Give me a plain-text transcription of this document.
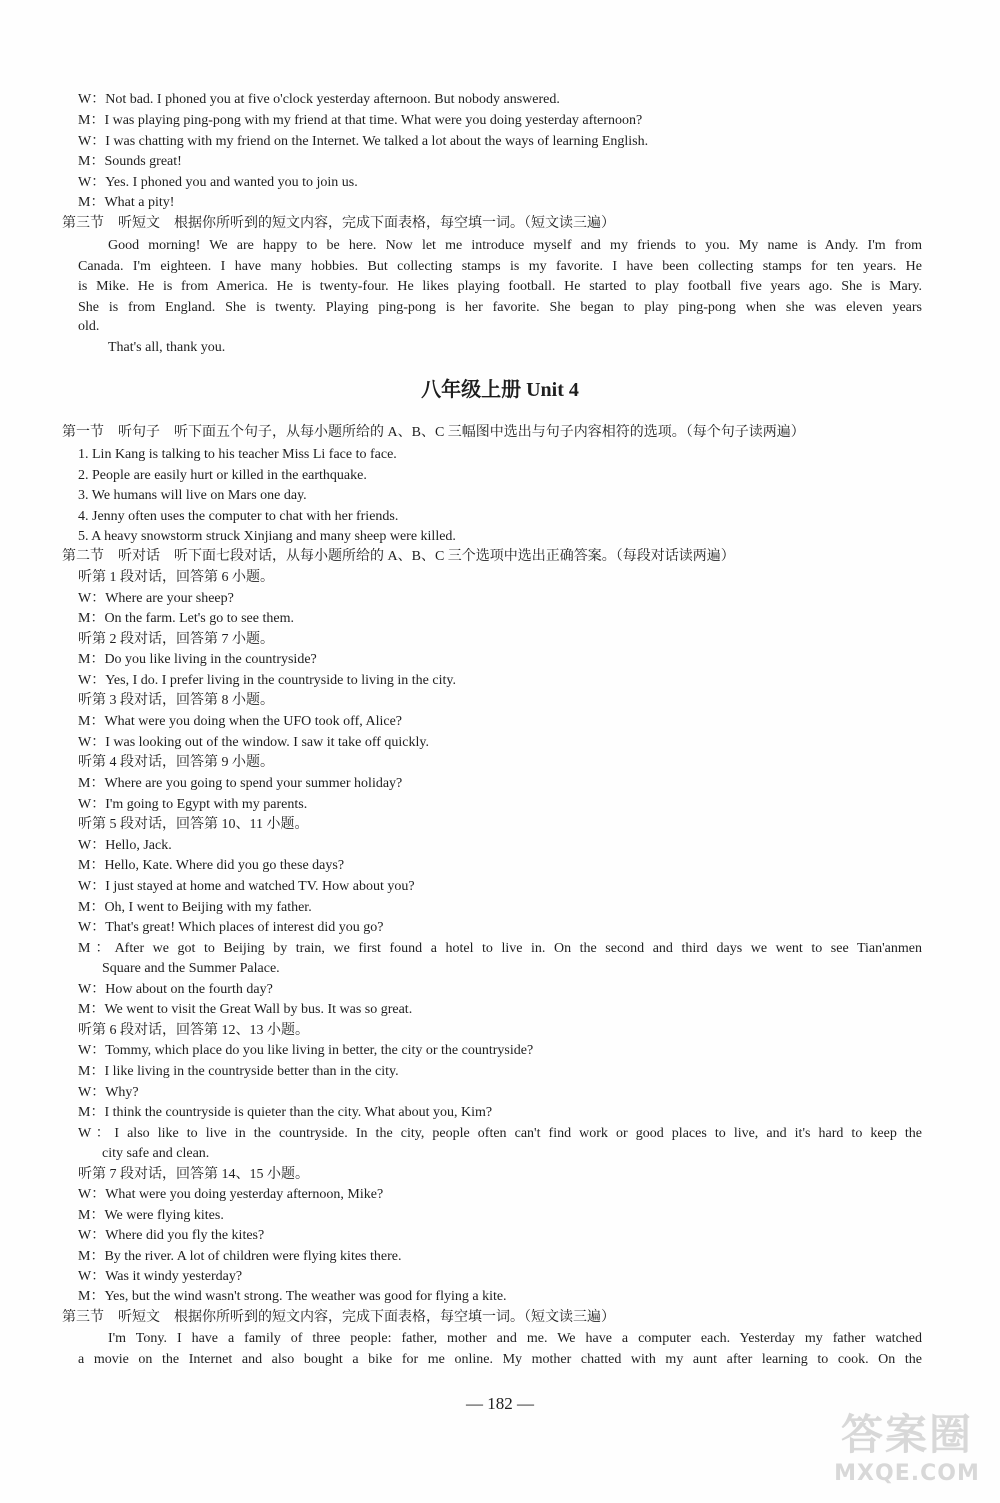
W：Not bad. I phoned you at five o'clock yesterday afternoon. But nobody answered.
M：I was playing ping-pong with my friend at that time. What were you doing yesterday afternoon?
W：I was chatting with my friend on the Internet. We talked a lot about the ways of learning English.
M：Sounds great!
W：Yes. I phoned you and wanted you to join us.
M：What a pity!
第三节　听短文　根据你所听到的短文内容，完成下面表格，每空填一词。（短文读三遍）
Good morning! We are happy to be here. Now let me introduce myself and my friends to you. My name is Andy. I'm from
Canada. I'm eighteen. I have many hobbies. But collecting stamps is my favorite. I have been collecting stamps for ten years. He
is Mike. He is from America. He is twenty-four. He likes playing football. He started to play football five years ago. She is Mary.
She is from England. She is twenty. Playing ping-pong is her favorite. She began to play ping-pong when she was eleven years
old.
That's all, thank you.
八年级上册 Unit 4
第一节　听句子　听下面五个句子，从每小题所给的 A、B、C 三幅图中选出与句子内容相符的选项。（每个句子读两遍）
1. Lin Kang is talking to his teacher Miss Li face to face.
2. People are easily hurt or killed in the earthquake.
3. We humans will live on Mars one day.
4. Jenny often uses the computer to chat with her friends.
5. A heavy snowstorm struck Xinjiang and many sheep were killed.
第二节　听对话　听下面七段对话，从每小题所给的 A、B、C 三个选项中选出正确答案。（每段对话读两遍）
听第 1 段对话，回答第 6 小题。
W：Where are your sheep?
M：On the farm. Let's go to see them.
听第 2 段对话，回答第 7 小题。
M：Do you like living in the countryside?
W：Yes, I do. I prefer living in the countryside to living in the city.
听第 3 段对话，回答第 8 小题。
M：What were you doing when the UFO took off, Alice?
W：I was looking out of the window. I saw it take off quickly.
听第 4 段对话，回答第 9 小题。
M：Where are you going to spend your summer holiday?
W：I'm going to Egypt with my parents.
听第 5 段对话，回答第 10、11 小题。
W：Hello, Jack.
M：Hello, Kate. Where did you go these days?
W：I just stayed at home and watched TV. How about you?
M：Oh, I went to Beijing with my father.
W：That's great! Which places of interest did you go?
M：After we got to Beijing by train, we first found a hotel to live in. On the second and third days we went to see Tian'anmen
Square and the Summer Palace.
W：How about on the fourth day?
M：We went to visit the Great Wall by bus. It was so great.
听第 6 段对话，回答第 12、13 小题。
W：Tommy, which place do you like living in better, the city or the countryside?
M：I like living in the countryside better than in the city.
W：Why?
M：I think the countryside is quieter than the city. What about you, Kim?
W：I also like to live in the countryside. In the city, people often can't find work or good places to live, and it's hard to keep the
city safe and clean.
听第 7 段对话，回答第 14、15 小题。
W：What were you doing yesterday afternoon, Mike?
M：We were flying kites.
W：Where did you fly the kites?
M：By the river. A lot of children were flying kites there.
W：Was it windy yesterday?
M：Yes, but the wind wasn't strong. The weather was good for flying a kite.
第三节　听短文　根据你所听到的短文内容，完成下面表格，每空填一词。（短文读三遍）
I'm Tony. I have a family of three people: father, mother and me. We have a computer each. Yesterday my father watched
a movie on the Internet and also bought a bike for me online. My mother chatted with my aunt after learning to cook. On the
— 182 —
答案圈
MXQE.COM
